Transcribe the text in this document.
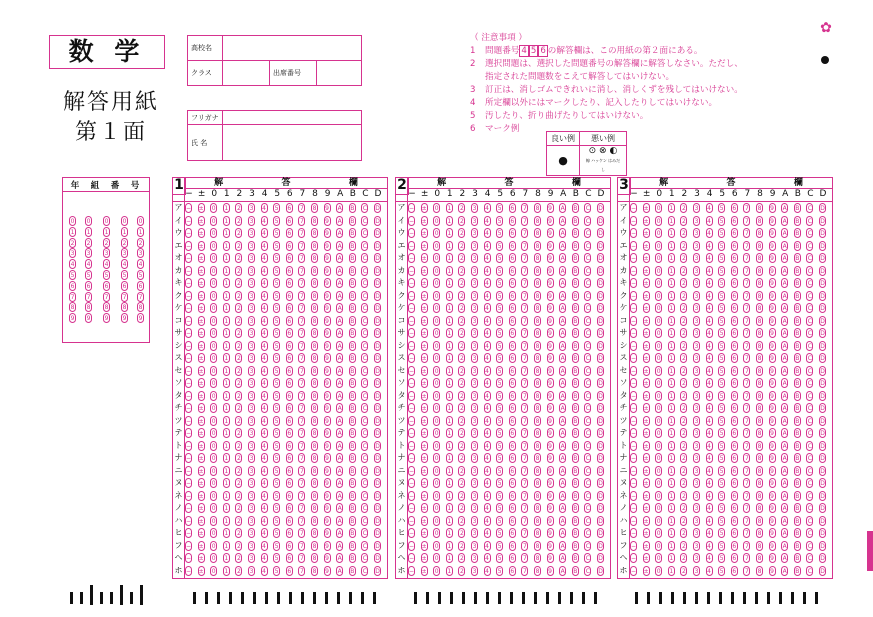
数 学
解答用紙
第１面
高校名			
クラス		出席番号	
フリガナ	
氏 名	
（ 注意事項 ）
1	問題番号 4 5 6 の解答欄は、この用紙の第２面にある。
2	選択問題は、選択した問題番号の解答欄に解答しなさい。ただし、
指定された問題数をこえて解答してはいけない。
3	訂正は、消しゴムできれいに消し、消しくずを残してはいけない。
4	所定欄以外にはマークしたり、記入したりしてはいけない。
5	汚したり、折り曲げたりしてはいけない。
6	マーク例
良い例	悪い例
●	⊙ ⊗ ◐
線 ハッケン はみだし
✿
年 組 番 号
0 0 0 0 0
1 1 1 1 1
2 2 2 2 2
3 3 3 3 3
4 4 4 4 4
5 5 5 5 5
6 6 6 6 6
7 7 7 7 7
8 8 8 8 8
9 9 9 9 9
1	解	答	欄
− ± 0 1 2 3 4 5 6 7 8 9 A B C D
ア − ± 0 1 2 3 4 5 6 7 8 9 A B C D
イ − ± 0 1 2 3 4 5 6 7 8 9 A B C D
ウ − ± 0 1 2 3 4 5 6 7 8 9 A B C D
エ − ± 0 1 2 3 4 5 6 7 8 9 A B C D
オ − ± 0 1 2 3 4 5 6 7 8 9 A B C D
カ − ± 0 1 2 3 4 5 6 7 8 9 A B C D
キ − ± 0 1 2 3 4 5 6 7 8 9 A B C D
ク − ± 0 1 2 3 4 5 6 7 8 9 A B C D
ケ − ± 0 1 2 3 4 5 6 7 8 9 A B C D
コ − ± 0 1 2 3 4 5 6 7 8 9 A B C D
サ − ± 0 1 2 3 4 5 6 7 8 9 A B C D
シ − ± 0 1 2 3 4 5 6 7 8 9 A B C D
ス − ± 0 1 2 3 4 5 6 7 8 9 A B C D
セ − ± 0 1 2 3 4 5 6 7 8 9 A B C D
ソ − ± 0 1 2 3 4 5 6 7 8 9 A B C D
タ − ± 0 1 2 3 4 5 6 7 8 9 A B C D
チ − ± 0 1 2 3 4 5 6 7 8 9 A B C D
ツ − ± 0 1 2 3 4 5 6 7 8 9 A B C D
テ − ± 0 1 2 3 4 5 6 7 8 9 A B C D
ト − ± 0 1 2 3 4 5 6 7 8 9 A B C D
ナ − ± 0 1 2 3 4 5 6 7 8 9 A B C D
ニ − ± 0 1 2 3 4 5 6 7 8 9 A B C D
ヌ − ± 0 1 2 3 4 5 6 7 8 9 A B C D
ネ − ± 0 1 2 3 4 5 6 7 8 9 A B C D
ノ − ± 0 1 2 3 4 5 6 7 8 9 A B C D
ハ − ± 0 1 2 3 4 5 6 7 8 9 A B C D
ヒ − ± 0 1 2 3 4 5 6 7 8 9 A B C D
フ − ± 0 1 2 3 4 5 6 7 8 9 A B C D
ヘ − ± 0 1 2 3 4 5 6 7 8 9 A B C D
ホ − ± 0 1 2 3 4 5 6 7 8 9 A B C D
2	解	答	欄
− ± 0 1 2 3 4 5 6 7 8 9 A B C D
ア − ± 0 1 2 3 4 5 6 7 8 9 A B C D
イ − ± 0 1 2 3 4 5 6 7 8 9 A B C D
ウ − ± 0 1 2 3 4 5 6 7 8 9 A B C D
エ − ± 0 1 2 3 4 5 6 7 8 9 A B C D
オ − ± 0 1 2 3 4 5 6 7 8 9 A B C D
カ − ± 0 1 2 3 4 5 6 7 8 9 A B C D
キ − ± 0 1 2 3 4 5 6 7 8 9 A B C D
ク − ± 0 1 2 3 4 5 6 7 8 9 A B C D
ケ − ± 0 1 2 3 4 5 6 7 8 9 A B C D
コ − ± 0 1 2 3 4 5 6 7 8 9 A B C D
サ − ± 0 1 2 3 4 5 6 7 8 9 A B C D
シ − ± 0 1 2 3 4 5 6 7 8 9 A B C D
ス − ± 0 1 2 3 4 5 6 7 8 9 A B C D
セ − ± 0 1 2 3 4 5 6 7 8 9 A B C D
ソ − ± 0 1 2 3 4 5 6 7 8 9 A B C D
タ − ± 0 1 2 3 4 5 6 7 8 9 A B C D
チ − ± 0 1 2 3 4 5 6 7 8 9 A B C D
ツ − ± 0 1 2 3 4 5 6 7 8 9 A B C D
テ − ± 0 1 2 3 4 5 6 7 8 9 A B C D
ト − ± 0 1 2 3 4 5 6 7 8 9 A B C D
ナ − ± 0 1 2 3 4 5 6 7 8 9 A B C D
ニ − ± 0 1 2 3 4 5 6 7 8 9 A B C D
ヌ − ± 0 1 2 3 4 5 6 7 8 9 A B C D
ネ − ± 0 1 2 3 4 5 6 7 8 9 A B C D
ノ − ± 0 1 2 3 4 5 6 7 8 9 A B C D
ハ − ± 0 1 2 3 4 5 6 7 8 9 A B C D
ヒ − ± 0 1 2 3 4 5 6 7 8 9 A B C D
フ − ± 0 1 2 3 4 5 6 7 8 9 A B C D
ヘ − ± 0 1 2 3 4 5 6 7 8 9 A B C D
ホ − ± 0 1 2 3 4 5 6 7 8 9 A B C D
3	解	答	欄
− ± 0 1 2 3 4 5 6 7 8 9 A B C D
ア − ± 0 1 2 3 4 5 6 7 8 9 A B C D
イ − ± 0 1 2 3 4 5 6 7 8 9 A B C D
ウ − ± 0 1 2 3 4 5 6 7 8 9 A B C D
エ − ± 0 1 2 3 4 5 6 7 8 9 A B C D
オ − ± 0 1 2 3 4 5 6 7 8 9 A B C D
カ − ± 0 1 2 3 4 5 6 7 8 9 A B C D
キ − ± 0 1 2 3 4 5 6 7 8 9 A B C D
ク − ± 0 1 2 3 4 5 6 7 8 9 A B C D
ケ − ± 0 1 2 3 4 5 6 7 8 9 A B C D
コ − ± 0 1 2 3 4 5 6 7 8 9 A B C D
サ − ± 0 1 2 3 4 5 6 7 8 9 A B C D
シ − ± 0 1 2 3 4 5 6 7 8 9 A B C D
ス − ± 0 1 2 3 4 5 6 7 8 9 A B C D
セ − ± 0 1 2 3 4 5 6 7 8 9 A B C D
ソ − ± 0 1 2 3 4 5 6 7 8 9 A B C D
タ − ± 0 1 2 3 4 5 6 7 8 9 A B C D
チ − ± 0 1 2 3 4 5 6 7 8 9 A B C D
ツ − ± 0 1 2 3 4 5 6 7 8 9 A B C D
テ − ± 0 1 2 3 4 5 6 7 8 9 A B C D
ト − ± 0 1 2 3 4 5 6 7 8 9 A B C D
ナ − ± 0 1 2 3 4 5 6 7 8 9 A B C D
ニ − ± 0 1 2 3 4 5 6 7 8 9 A B C D
ヌ − ± 0 1 2 3 4 5 6 7 8 9 A B C D
ネ − ± 0 1 2 3 4 5 6 7 8 9 A B C D
ノ − ± 0 1 2 3 4 5 6 7 8 9 A B C D
ハ − ± 0 1 2 3 4 5 6 7 8 9 A B C D
ヒ − ± 0 1 2 3 4 5 6 7 8 9 A B C D
フ − ± 0 1 2 3 4 5 6 7 8 9 A B C D
ヘ − ± 0 1 2 3 4 5 6 7 8 9 A B C D
ホ − ± 0 1 2 3 4 5 6 7 8 9 A B C D
